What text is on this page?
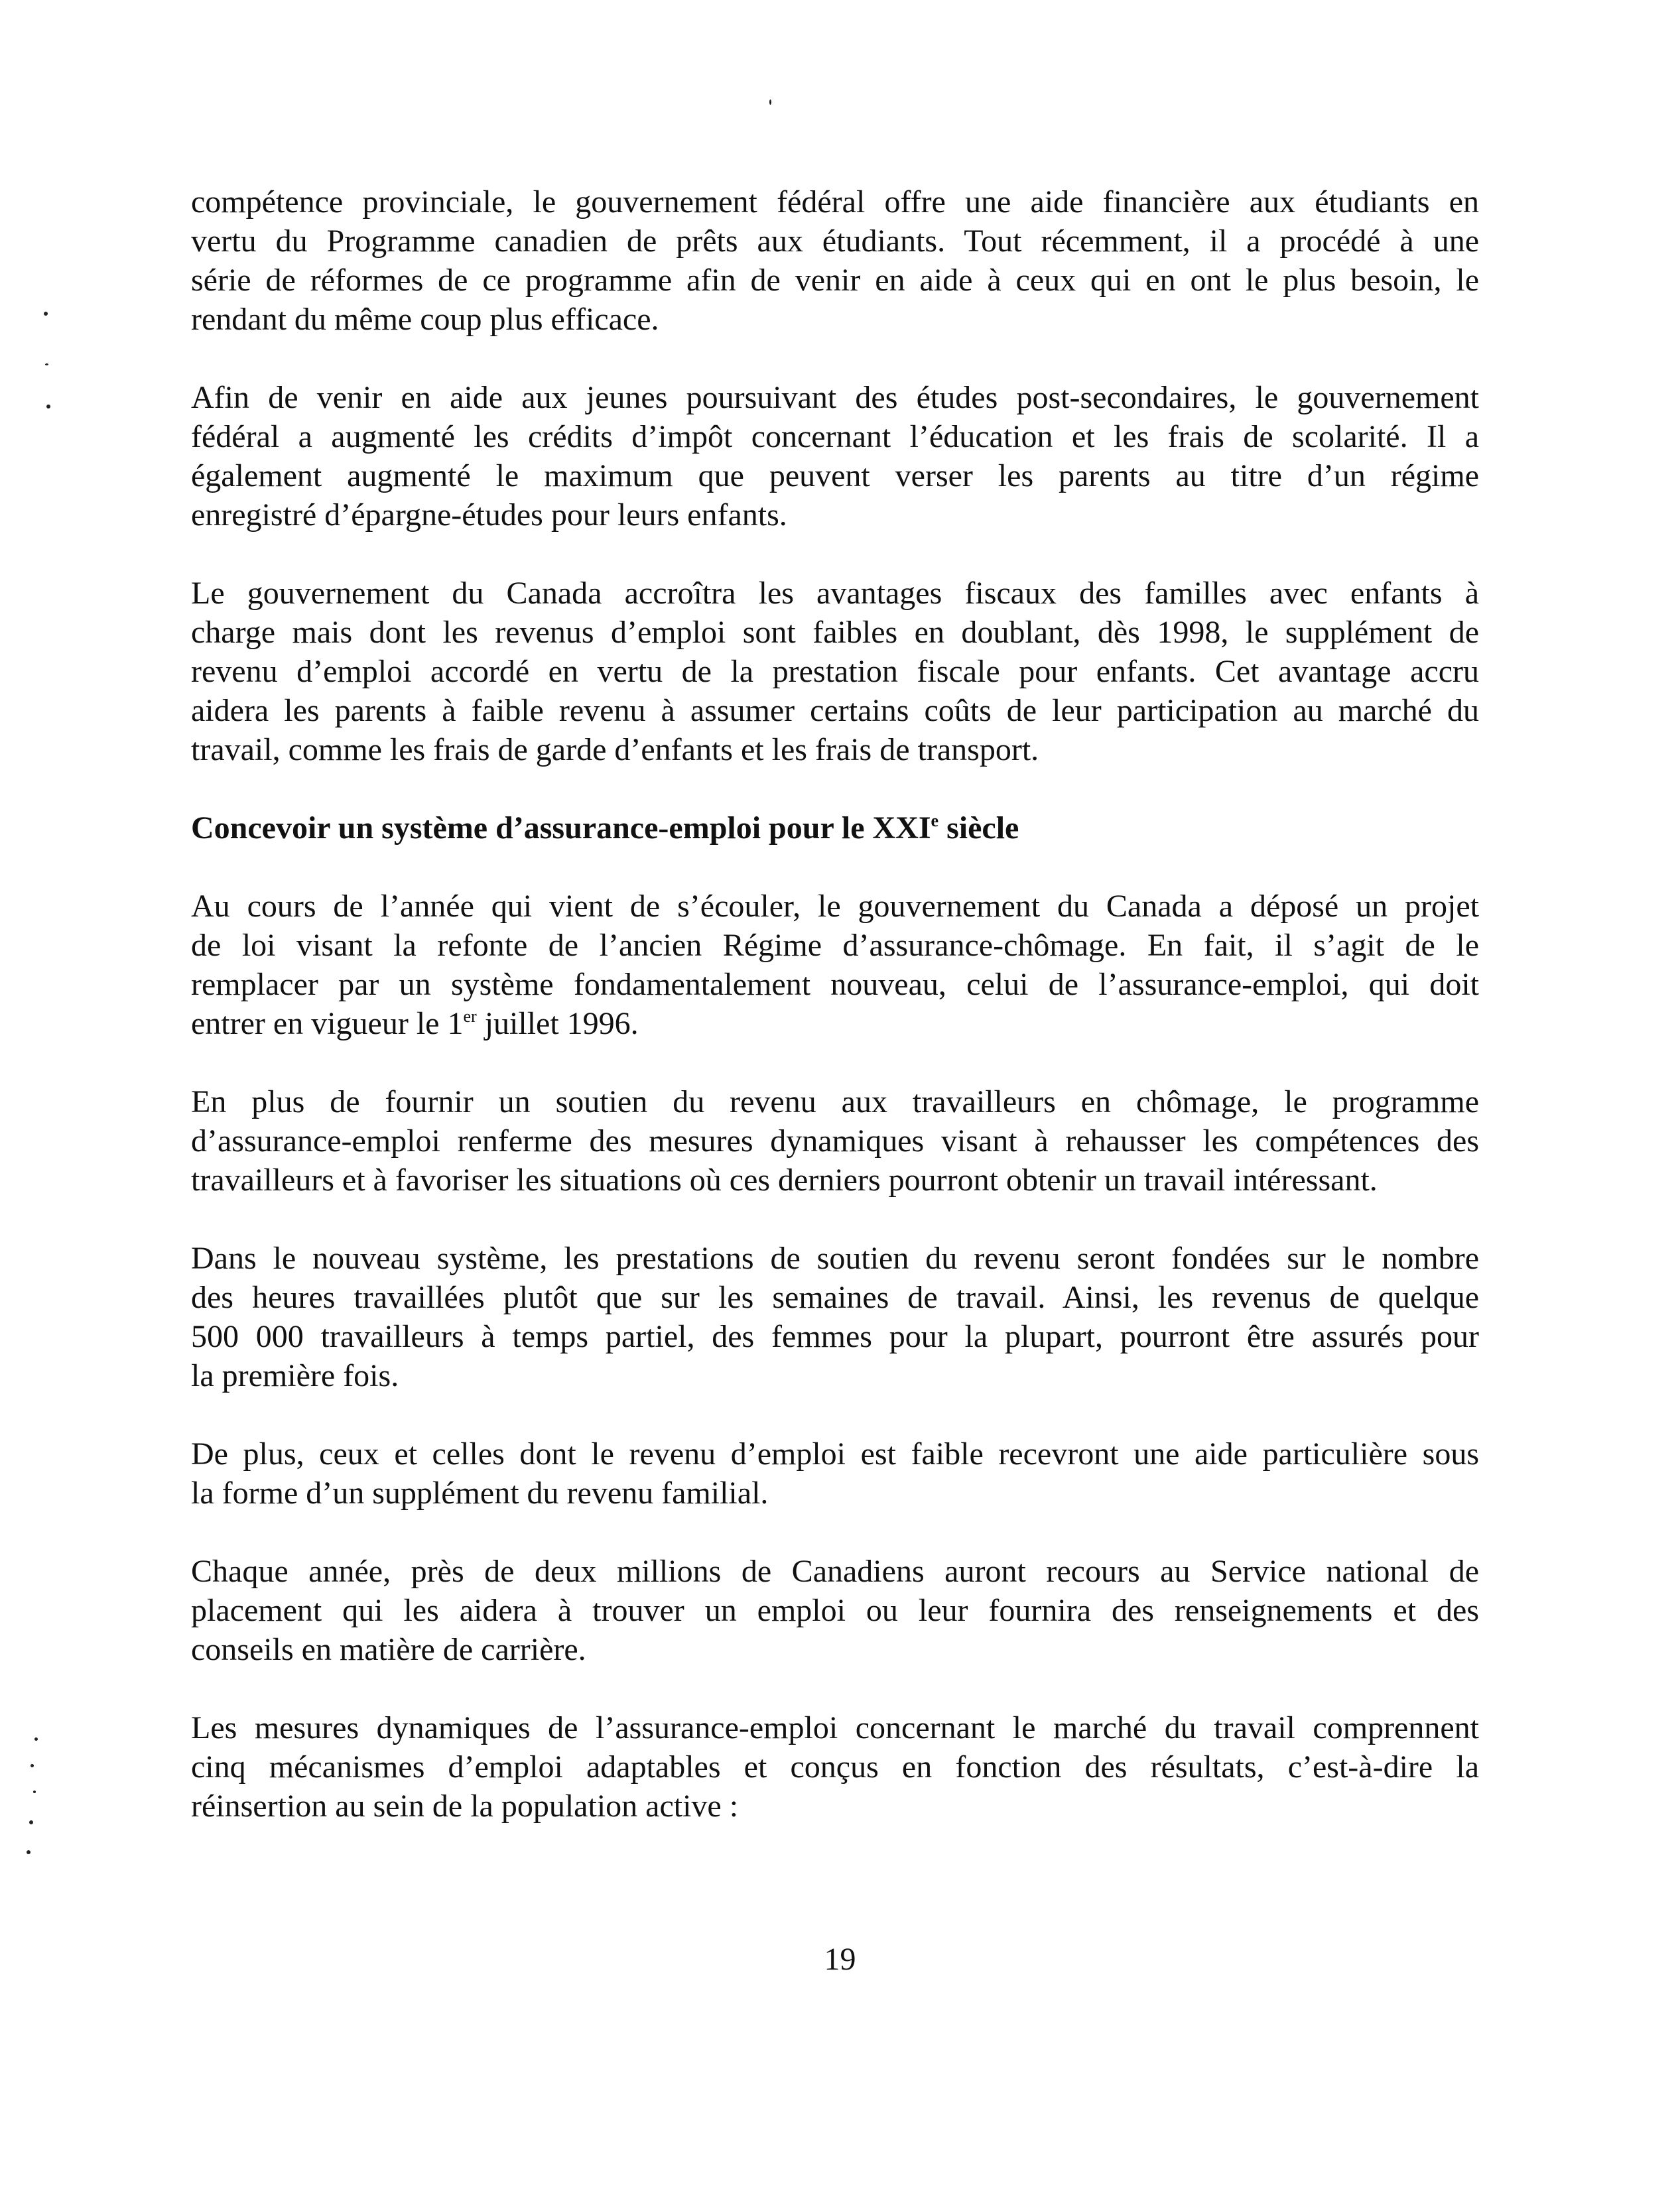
compétence provinciale, le gouvernement fédéral offre une aide financière aux étudiants en
vertu du Programme canadien de prêts aux étudiants. Tout récemment, il a procédé à une
série de réformes de ce programme afin de venir en aide à ceux qui en ont le plus besoin, le
rendant du même coup plus efficace.

Afin de venir en aide aux jeunes poursuivant des études post-secondaires, le gouvernement
fédéral a augmenté les crédits d’impôt concernant l’éducation et les frais de scolarité. Il a
également augmenté le maximum que peuvent verser les parents au titre d’un régime
enregistré d’épargne-études pour leurs enfants.

Le gouvernement du Canada accroîtra les avantages fiscaux des familles avec enfants à
charge mais dont les revenus d’emploi sont faibles en doublant, dès 1998, le supplément de
revenu d’emploi accordé en vertu de la prestation fiscale pour enfants. Cet avantage accru
aidera les parents à faible revenu à assumer certains coûts de leur participation au marché du
travail, comme les frais de garde d’enfants et les frais de transport.

Concevoir un système d’assurance-emploi pour le XXIe siècle

Au cours de l’année qui vient de s’écouler, le gouvernement du Canada a déposé un projet
de loi visant la refonte de l’ancien Régime d’assurance-chômage. En fait, il s’agit de le
remplacer par un système fondamentalement nouveau, celui de l’assurance-emploi, qui doit
entrer en vigueur le 1er juillet 1996.

En plus de fournir un soutien du revenu aux travailleurs en chômage, le programme
d’assurance-emploi renferme des mesures dynamiques visant à rehausser les compétences des
travailleurs et à favoriser les situations où ces derniers pourront obtenir un travail intéressant.

Dans le nouveau système, les prestations de soutien du revenu seront fondées sur le nombre
des heures travaillées plutôt que sur les semaines de travail. Ainsi, les revenus de quelque
500 000 travailleurs à temps partiel, des femmes pour la plupart, pourront être assurés pour
la première fois.

De plus, ceux et celles dont le revenu d’emploi est faible recevront une aide particulière sous
la forme d’un supplément du revenu familial.

Chaque année, près de deux millions de Canadiens auront recours au Service national de
placement qui les aidera à trouver un emploi ou leur fournira des renseignements et des
conseils en matière de carrière.

Les mesures dynamiques de l’assurance-emploi concernant le marché du travail comprennent
cinq mécanismes d’emploi adaptables et conçus en fonction des résultats, c’est-à-dire la
réinsertion au sein de la population active :

19
